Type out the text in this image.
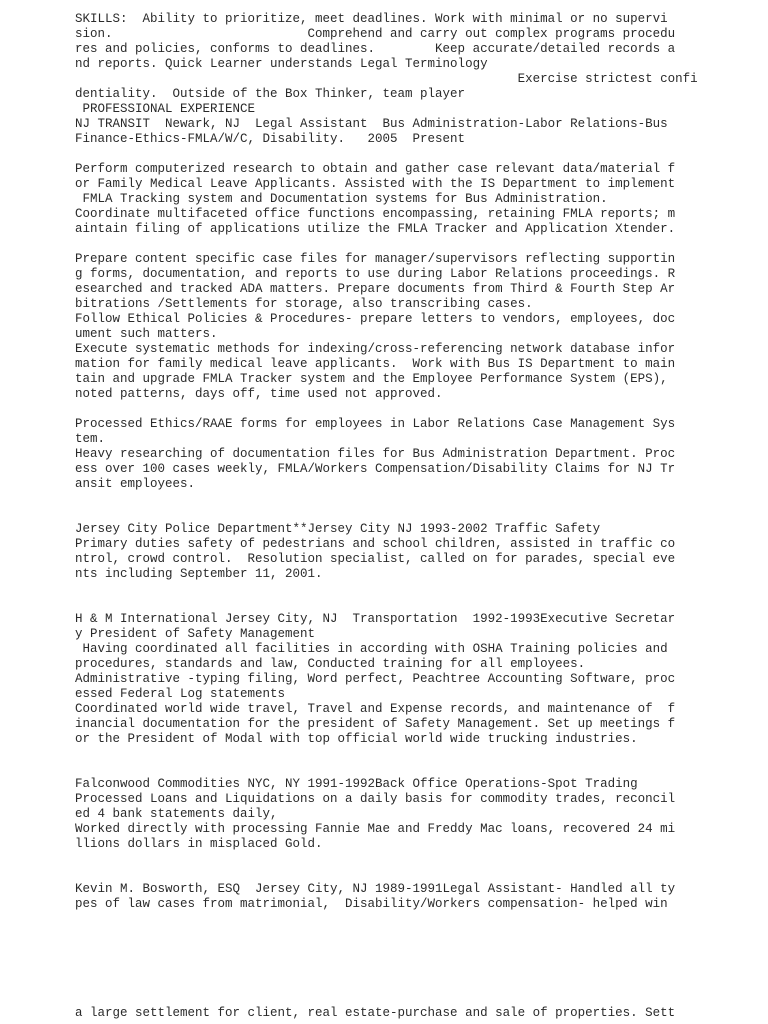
SKILLS:  Ability to prioritize, meet deadlines. Work with minimal or no supervi
sion.                          Comprehend and carry out complex programs procedu
res and policies, conforms to deadlines.        Keep accurate/detailed records a
nd reports. Quick Learner understands Legal Terminology
Exercise strictest confi
dentiality.  Outside of the Box Thinker, team player
PROFESSIONAL EXPERIENCE
NJ TRANSIT  Newark, NJ  Legal Assistant  Bus Administration-Labor Relations-Bus
Finance-Ethics-FMLA/W/C, Disability.   2005  Present
Perform computerized research to obtain and gather case relevant data/material f
or Family Medical Leave Applicants. Assisted with the IS Department to implement
FMLA Tracking system and Documentation systems for Bus Administration.
Coordinate multifaceted office functions encompassing, retaining FMLA reports; m
aintain filing of applications utilize the FMLA Tracker and Application Xtender.
Prepare content specific case files for manager/supervisors reflecting supportin
g forms, documentation, and reports to use during Labor Relations proceedings. R
esearched and tracked ADA matters. Prepare documents from Third & Fourth Step Ar
bitrations /Settlements for storage, also transcribing cases.
Follow Ethical Policies & Procedures- prepare letters to vendors, employees, doc
ument such matters.
Execute systematic methods for indexing/cross-referencing network database infor
mation for family medical leave applicants.  Work with Bus IS Department to main
tain and upgrade FMLA Tracker system and the Employee Performance System (EPS),
noted patterns, days off, time used not approved.
Processed Ethics/RAAE forms for employees in Labor Relations Case Management Sys
tem.
Heavy researching of documentation files for Bus Administration Department. Proc
ess over 100 cases weekly, FMLA/Workers Compensation/Disability Claims for NJ Tr
ansit employees.
Jersey City Police Department**Jersey City NJ 1993-2002 Traffic Safety
Primary duties safety of pedestrians and school children, assisted in traffic co
ntrol, crowd control.  Resolution specialist, called on for parades, special eve
nts including September 11, 2001.
H & M International Jersey City, NJ  Transportation  1992-1993Executive Secretar
y President of Safety Management
Having coordinated all facilities in according with OSHA Training policies and
procedures, standards and law, Conducted training for all employees.
Administrative -typing filing, Word perfect, Peachtree Accounting Software, proc
essed Federal Log statements
Coordinated world wide travel, Travel and Expense records, and maintenance of  f
inancial documentation for the president of Safety Management. Set up meetings f
or the President of Modal with top official world wide trucking industries.
Falconwood Commodities NYC, NY 1991-1992Back Office Operations-Spot Trading
Processed Loans and Liquidations on a daily basis for commodity trades, reconcil
ed 4 bank statements daily,
Worked directly with processing Fannie Mae and Freddy Mac loans, recovered 24 mi
llions dollars in misplaced Gold.
Kevin M. Bosworth, ESQ  Jersey City, NJ 1989-1991Legal Assistant- Handled all ty
pes of law cases from matrimonial,  Disability/Workers compensation- helped win
a large settlement for client, real estate-purchase and sale of properties. Sett
